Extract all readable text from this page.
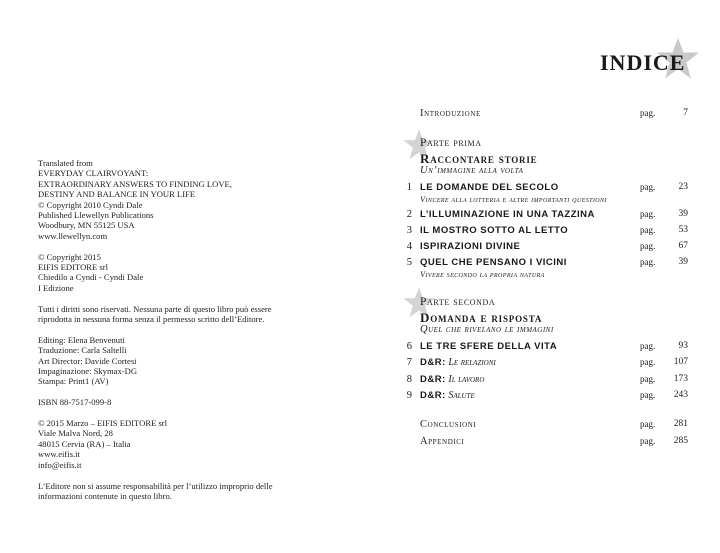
Translated from

EVERYDAY CLAIRVOYANT:

EXTRAORDINARY ANSWERS TO FINDING LOVE,

DESTINY AND BALANCE IN YOUR LIFE

© Copyright 2010 Cyndi Dale

Published Llewellyn Publications

Woodbury, MN 55125 USA

www.llewellyn.com

© Copyright 2015

EIFIS EDITORE srl

Chiedilo a Cyndi - Cyndi Dale

I Edizione

Tutti i diritti sono riservati. Nessuna parte di questo libro può essere

riprodotta in nessuna forma senza il permesso scritto dell’Editore.

Editing: Elena Benvenuti

Traduzione: Carla Saltelli

Art Director: Davide Cortesi

Impaginazione: Skymax-DG

Stampa: Print1 (AV)

ISBN 88-7517-099-8

© 2015 Marzo – EIFIS EDITORE srl

Viale Malva Nord, 28

48015 Cervia (RA) – Italia

www.eifis.it

info@eifis.it

L’Editore non si assume responsabilità per l’utilizzo improprio delle

informazioni contenute in questo libro.

INDICE
Introduzione	pag.	7
Parte prima
Raccontare storie
Un’immagine alla volta
1 LE DOMANDE DEL SECOLO	pag.	23
Vincere alla lotteria e altre importanti questioni
2 L’ILLUMINAZIONE IN UNA TAZZINA	pag.	39
3 IL MOSTRO SOTTO AL LETTO	pag.	53
4 ISPIRAZIONI DIVINE	pag.	67
5 QUEL CHE PENSANO I VICINI	pag.	39
Vivere secondo la propria natura
Parte seconda
Domanda e risposta
Quel che rivelano le immagini
6 LE TRE SFERE DELLA VITA	pag.	93
7 D&R: Le relazioni	pag.	107
8 D&R: Il lavoro	pag.	173
9 D&R: Salute	pag.	243
Conclusioni	pag.	281
Appendici	pag.	285
